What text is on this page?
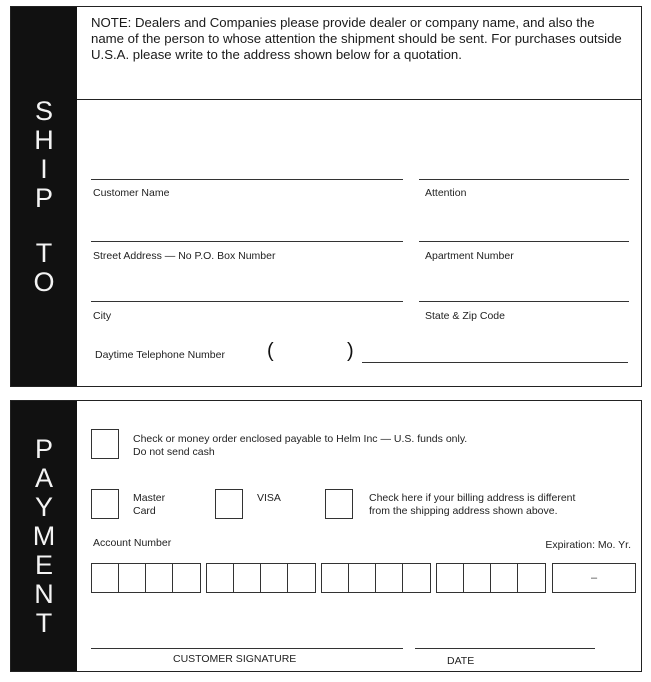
S
H
I
P
T
O
NOTE: Dealers and Companies please provide dealer or company name, and also the name of the person to whose attention the shipment should be sent. For purchases outside U.S.A. please write to the address shown below for a quotation.
Customer Name	Attention
Street Address — No P.O. Box Number	Apartment Number
City	State & Zip Code
Daytime Telephone Number (	)
P
A
Y
M
E
N
T
Check or money order enclosed payable to Helm Inc — U.S. funds only.
Do not send cash
Master
Card
VISA	Check here if your billing address is different
from the shipping address shown above.
Account Number	Expiration: Mo. Yr.
–
CUSTOMER SIGNATURE	DATE
